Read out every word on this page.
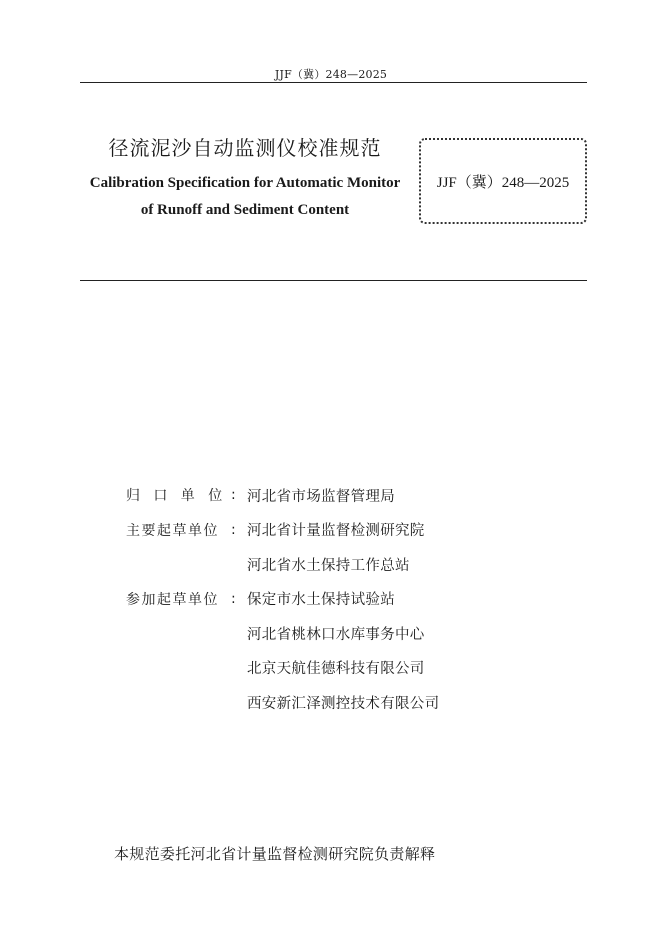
JJF（冀）248—2025
径流泥沙自动监测仪校准规范
Calibration Specification for Automatic Monitor
of Runoff and Sediment Content
JJF（冀）248—2025
归  口  单  位 : 河北省市场监督管理局
主要起草单位 : 河北省计量监督检测研究院
河北省水土保持工作总站
参加起草单位 : 保定市水土保持试验站
河北省桃林口水库事务中心
北京天航佳德科技有限公司
西安新汇泽测控技术有限公司
本规范委托河北省计量监督检测研究院负责解释
